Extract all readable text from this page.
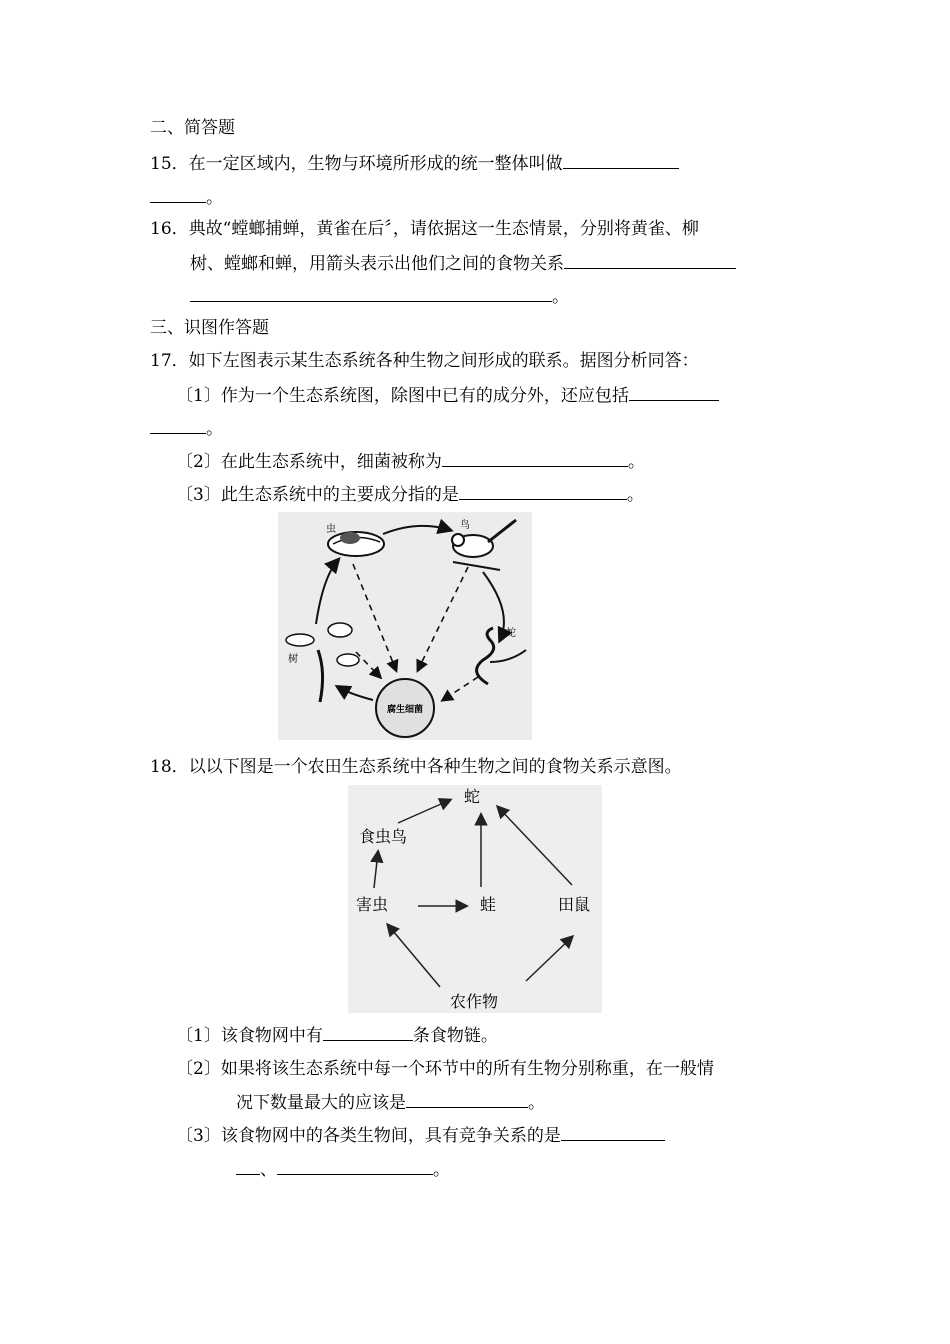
二、简答题
15．在一定区域内，生物与环境所形成的统一整体叫做
。
16．典故“螳螂捕蝉，黄雀在后〞，请依据这一生态情景，分别将黄雀、柳
树、螳螂和蝉，用箭头表示出他们之间的食物关系
。
三、识图作答题
17．如下左图表示某生态系统各种生物之间形成的联系。据图分析同答：
〔1〕作为一个生态系统图，除图中已有的成分外，还应包括
。
〔2〕在此生态系统中，细菌被称为	。
〔3〕此生态系统中的主要成分指的是	。
虫	鸟
蛇
树
腐生细菌
18．以以下图是一个农田生态系统中各种生物之间的食物关系示意图。
蛇
食虫鸟
害虫	蛙	田鼠
农作物
〔1〕该食物网中有	条食物链。
〔2〕如果将该生态系统中每一个环节中的所有生物分别称重，在一般情
况下数量最大的应该是	。
〔3〕该食物网中的各类生物间，具有竞争关系的是
、	。
